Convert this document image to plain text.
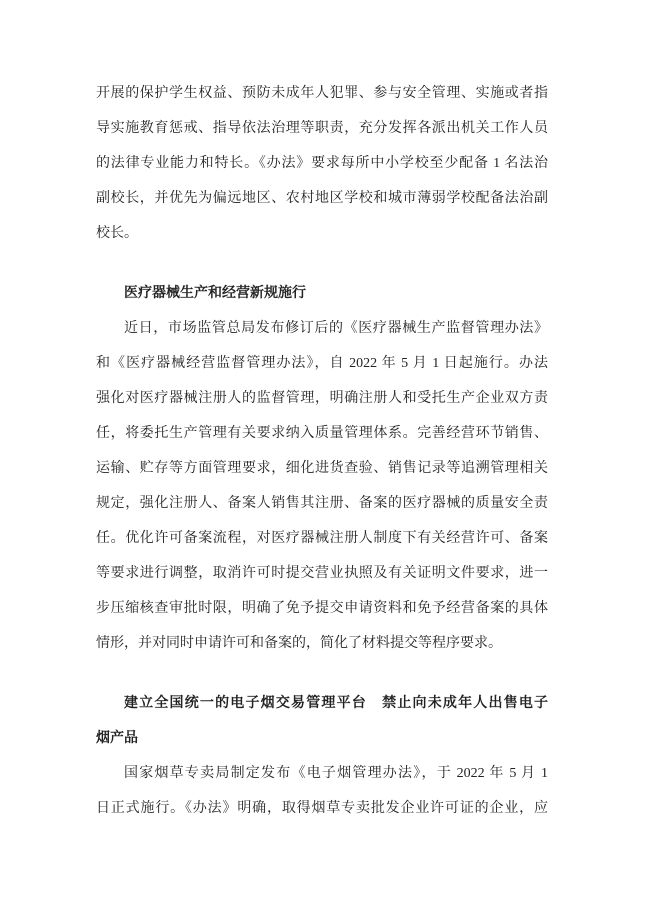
开展的保护学生权益、预防未成年人犯罪、参与安全管理、实施或者指
导实施教育惩戒、指导依法治理等职责，充分发挥各派出机关工作人员
的法律专业能力和特长。《办法》要求每所中小学校至少配备 1 名法治
副校长，并优先为偏远地区、农村地区学校和城市薄弱学校配备法治副
校长。
医疗器械生产和经营新规施行
近日，市场监管总局发布修订后的《医疗器械生产监督管理办法》
和《医疗器械经营监督管理办法》，自 2022 年 5 月 1 日起施行。办法
强化对医疗器械注册人的监督管理，明确注册人和受托生产企业双方责
任，将委托生产管理有关要求纳入质量管理体系。完善经营环节销售、
运输、贮存等方面管理要求，细化进货查验、销售记录等追溯管理相关
规定，强化注册人、备案人销售其注册、备案的医疗器械的质量安全责
任。优化许可备案流程，对医疗器械注册人制度下有关经营许可、备案
等要求进行调整，取消许可时提交营业执照及有关证明文件要求，进一
步压缩核查审批时限，明确了免予提交申请资料和免予经营备案的具体
情形，并对同时申请许可和备案的，简化了材料提交等程序要求。
建立全国统一的电子烟交易管理平台　禁止向未成年人出售电子
烟产品
国家烟草专卖局制定发布《电子烟管理办法》，于 2022 年 5 月 1
日正式施行。《办法》明确，取得烟草专卖批发企业许可证的企业，应
